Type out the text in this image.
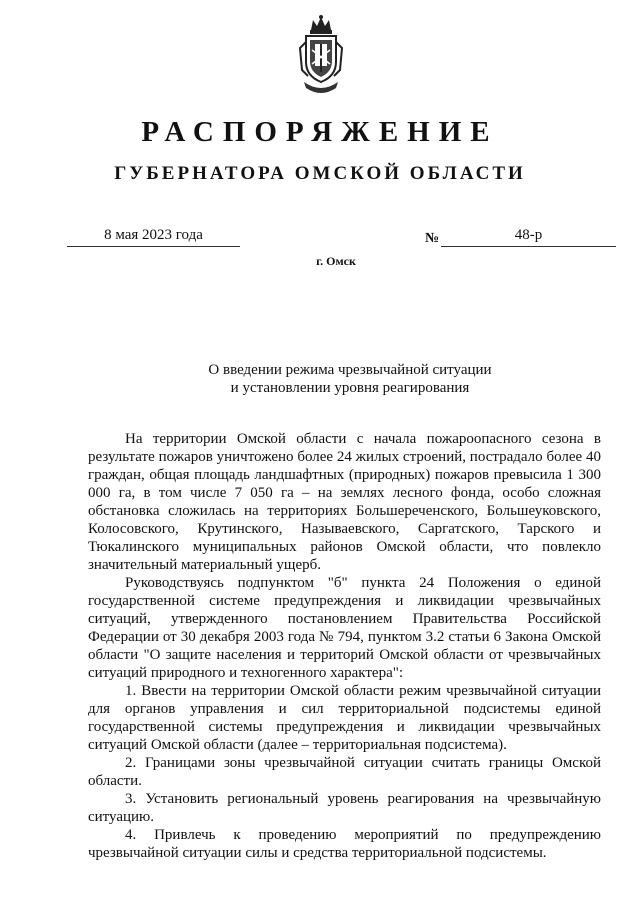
РАСПОРЯЖЕНИЕ
ГУБЕРНАТОРА ОМСКОЙ ОБЛАСТИ
8 мая 2023 года	№	48-р
г. Омск
О введении режима чрезвычайной ситуации
и установлении уровня реагирования

На территории Омской области с начала пожароопасного сезона в результате пожаров уничтожено более 24 жилых строений, пострадало более 40 граждан, общая площадь ландшафтных (природных) пожаров превысила 1 300 000 га, в том числе 7 050 га – на землях лесного фонда, особо сложная обстановка сложилась на территориях Большереченского, Большеуковского, Колосовского, Крутинского, Называевского, Саргатского, Тарского и Тюкалинского муниципальных районов Омской области, что повлекло значительный материальный ущерб.

Руководствуясь подпунктом "б" пункта 24 Положения о единой государственной системе предупреждения и ликвидации чрезвычайных ситуаций, утвержденного постановлением Правительства Российской Федерации от 30 декабря 2003 года № 794, пунктом 3.2 статьи 6 Закона Омской области "О защите населения и территорий Омской области от чрезвычайных ситуаций природного и техногенного характера":

1. Ввести на территории Омской области режим чрезвычайной ситуации для органов управления и сил территориальной подсистемы единой государственной системы предупреждения и ликвидации чрезвычайных ситуаций Омской области (далее – территориальная подсистема).

2. Границами зоны чрезвычайной ситуации считать границы Омской области.

3. Установить региональный уровень реагирования на чрезвычайную ситуацию.

4. Привлечь к проведению мероприятий по предупреждению чрезвычайной ситуации силы и средства территориальной подсистемы.
